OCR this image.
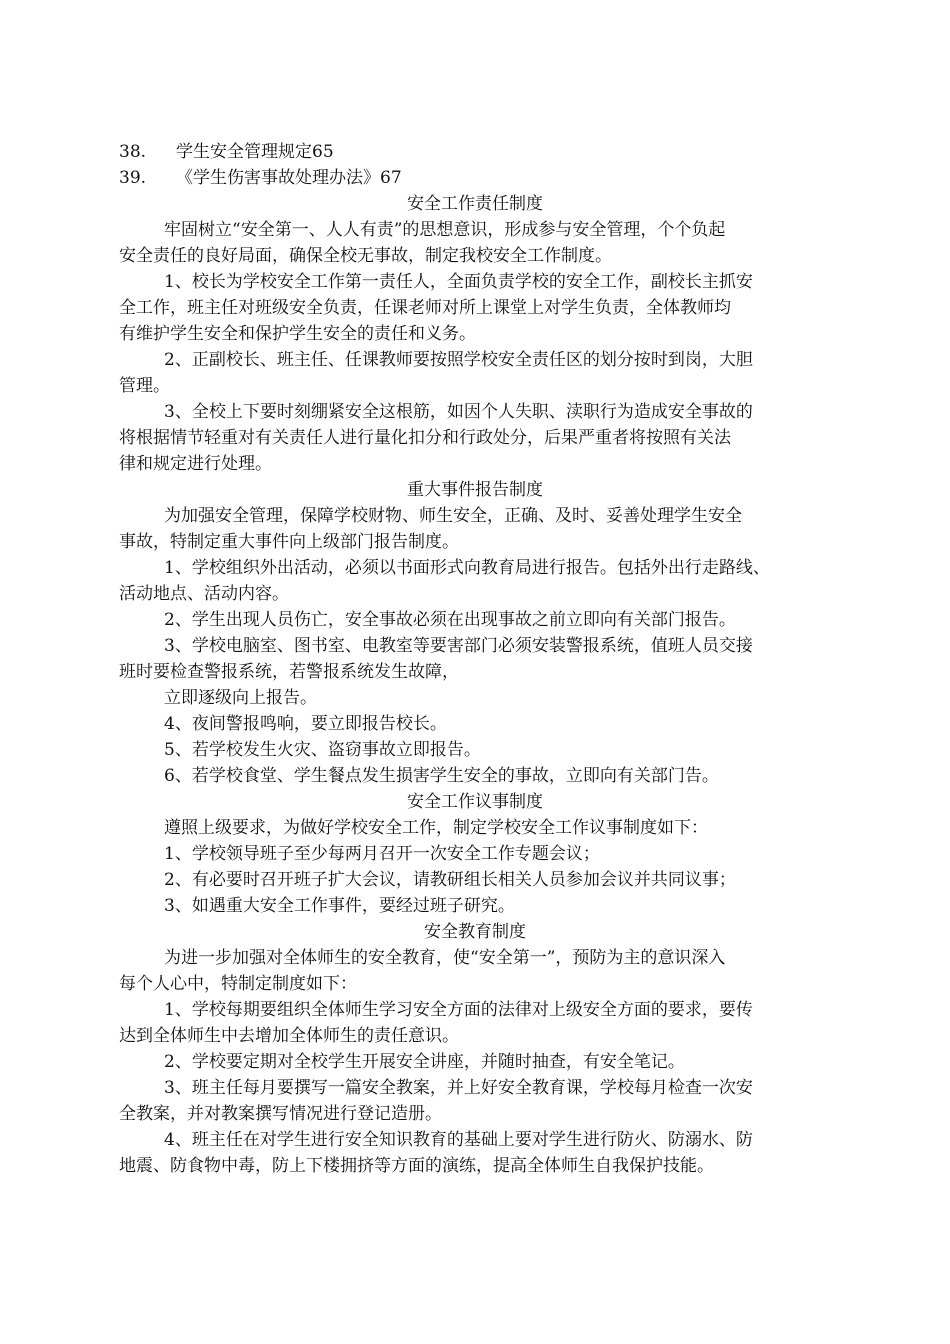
38. 学生安全管理规定65
39. 《学生伤害事故处理办法》67
安全工作责任制度
牢固树立“安全第一、人人有责”的思想意识，形成参与安全管理，个个负起
安全责任的良好局面，确保全校无事故，制定我校安全工作制度。
1、校长为学校安全工作第一责任人，全面负责学校的安全工作，副校长主抓安
全工作，班主任对班级安全负责，任课老师对所上课堂上对学生负责，全体教师均
有维护学生安全和保护学生安全的责任和义务。
2、正副校长、班主任、任课教师要按照学校安全责任区的划分按时到岗，大胆
管理。
3、全校上下要时刻绷紧安全这根筋，如因个人失职、渎职行为造成安全事故的
将根据情节轻重对有关责任人进行量化扣分和行政处分，后果严重者将按照有关法
律和规定进行处理。
重大事件报告制度
为加强安全管理，保障学校财物、师生安全，正确、及时、妥善处理学生安全
事故，特制定重大事件向上级部门报告制度。
1、学校组织外出活动，必须以书面形式向教育局进行报告。包括外出行走路线、
活动地点、活动内容。
2、学生出现人员伤亡，安全事故必须在出现事故之前立即向有关部门报告。
3、学校电脑室、图书室、电教室等要害部门必须安装警报系统，值班人员交接
班时要检查警报系统，若警报系统发生故障，
立即逐级向上报告。
4、夜间警报鸣响，要立即报告校长。
5、若学校发生火灾、盗窃事故立即报告。
6、若学校食堂、学生餐点发生损害学生安全的事故，立即向有关部门告。
安全工作议事制度
遵照上级要求，为做好学校安全工作，制定学校安全工作议事制度如下：
1、学校领导班子至少每两月召开一次安全工作专题会议；
2、有必要时召开班子扩大会议，请教研组长相关人员参加会议并共同议事；
3、如遇重大安全工作事件，要经过班子研究。
安全教育制度
为进一步加强对全体师生的安全教育，使“安全第一”，预防为主的意识深入
每个人心中，特制定制度如下：
1、学校每期要组织全体师生学习安全方面的法律对上级安全方面的要求，要传
达到全体师生中去增加全体师生的责任意识。
2、学校要定期对全校学生开展安全讲座，并随时抽查，有安全笔记。
3、班主任每月要撰写一篇安全教案，并上好安全教育课，学校每月检查一次安
全教案，并对教案撰写情况进行登记造册。
4、班主任在对学生进行安全知识教育的基础上要对学生进行防火、防溺水、防
地震、防食物中毒，防上下楼拥挤等方面的演练，提高全体师生自我保护技能。
